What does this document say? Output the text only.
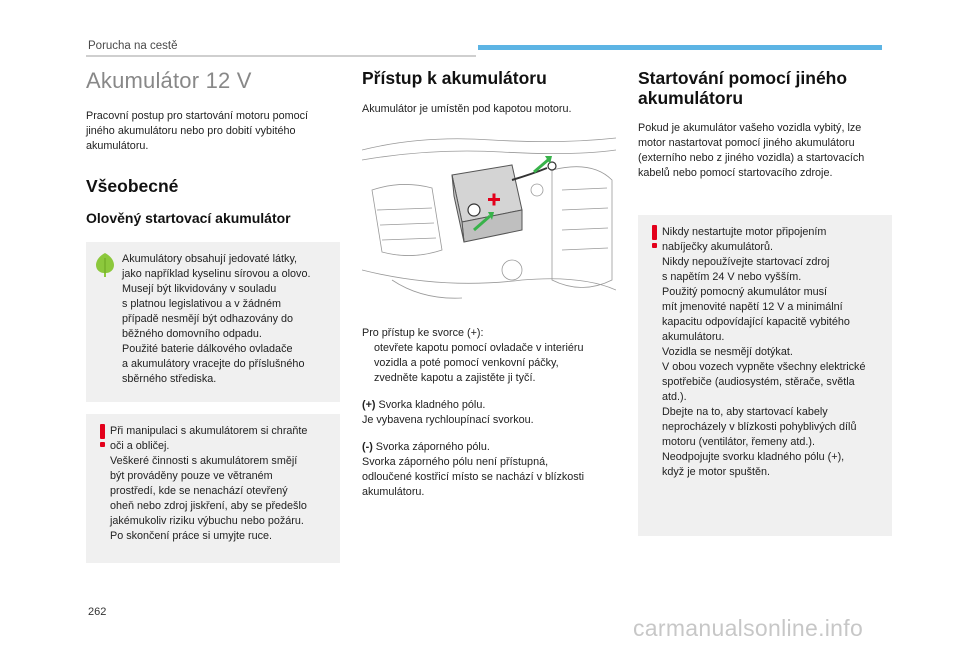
Porucha na cestě
Akumulátor 12 V
Pracovní postup pro startování motoru pomocí
jiného akumulátoru nebo pro dobití vybitého
akumulátoru.
Všeobecné
Olověný startovací akumulátor
Akumulátory obsahují jedovaté látky,
jako například kyselinu sírovou a olovo.
Musejí být likvidovány v souladu
s platnou legislativou a v žádném
případě nesmějí být odhazovány do
běžného domovního odpadu.
Použité baterie dálkového ovladače
a akumulátory vracejte do příslušného
sběrného střediska.
Při manipulaci s akumulátorem si chraňte
oči a obličej.
Veškeré činnosti s akumulátorem smějí
být prováděny pouze ve větraném
prostředí, kde se nenachází otevřený
oheň nebo zdroj jiskření, aby se předešlo
jakémukoliv riziku výbuchu nebo požáru.
Po skončení práce si umyjte ruce.
Přístup k akumulátoru
Akumulátor je umístěn pod kapotou motoru.
Pro přístup ke svorce (+):
otevřete kapotu pomocí ovladače v interiéru vozidla a poté pomocí venkovní páčky,
zvedněte kapotu a zajistěte ji tyčí.
(+) Svorka kladného pólu.
Je vybavena rychloupínací svorkou.
(-) Svorka záporného pólu.
Svorka záporného pólu není přístupná,
odloučené kostřicí místo se nachází v blízkosti
akumulátoru.
Startování pomocí jiného akumulátoru
Pokud je akumulátor vašeho vozidla vybitý, lze
motor nastartovat pomocí jiného akumulátoru
(externího nebo z jiného vozidla) a startovacích
kabelů nebo pomocí startovacího zdroje.
Nikdy nestartujte motor připojením
nabíječky akumulátorů.
Nikdy nepoužívejte startovací zdroj
s napětím 24 V nebo vyšším.
Použitý pomocný akumulátor musí
mít jmenovité napětí 12 V a minimální
kapacitu odpovídající kapacitě vybitého
akumulátoru.
Vozidla se nesmějí dotýkat.
V obou vozech vypněte všechny elektrické
spotřebiče (audiosystém, stěrače, světla
atd.).
Dbejte na to, aby startovací kabely
neprocházely v blízkosti pohyblivých dílů
motoru (ventilátor, řemeny atd.).
Neodpojujte svorku kladného pólu (+),
když je motor spuštěn.
262
carmanualsonline.info
